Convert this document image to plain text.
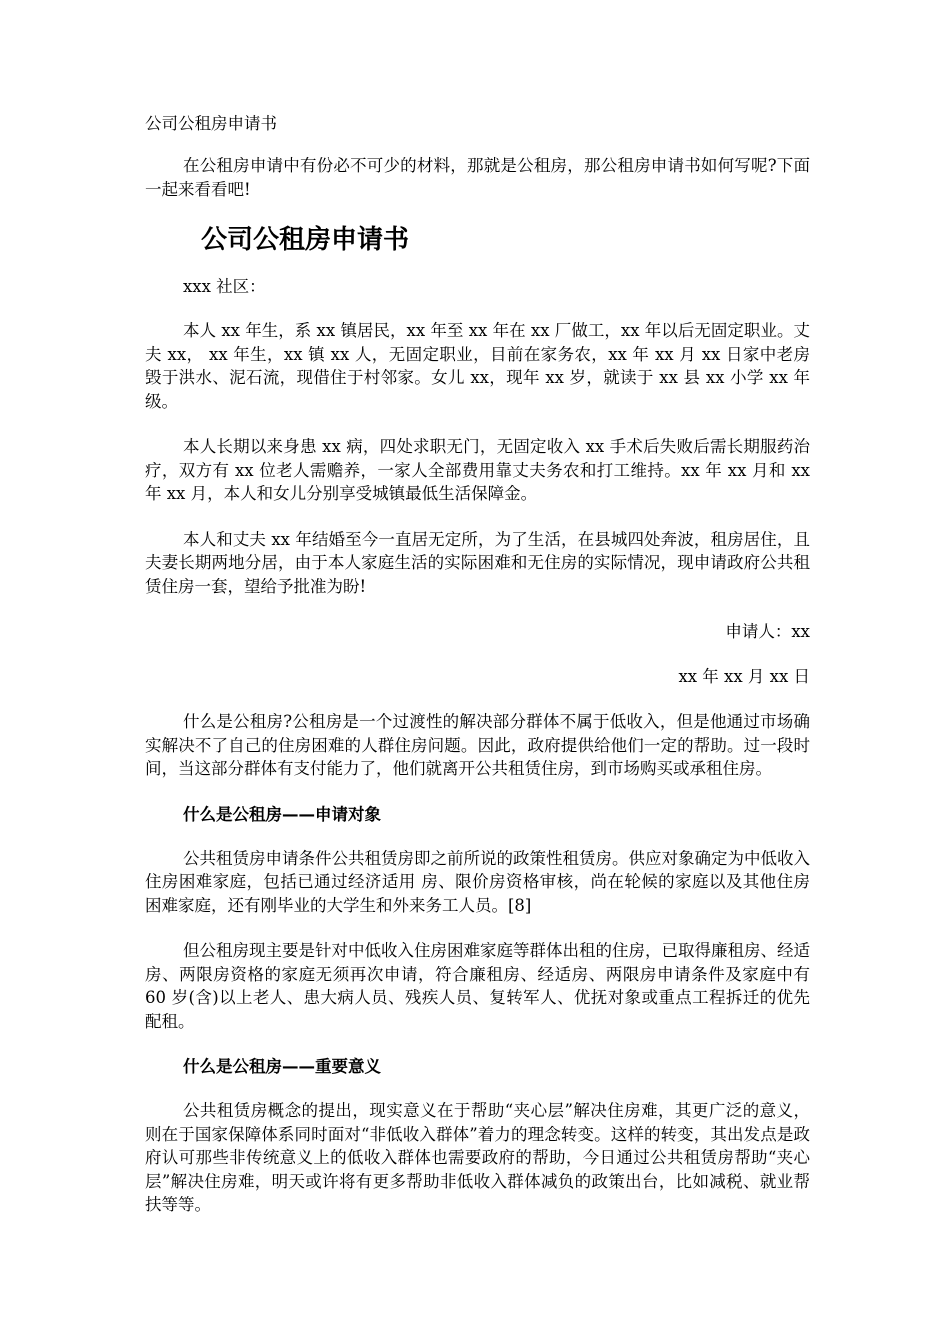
公司公租房申请书

在公租房申请中有份必不可少的材料，那就是公租房，那公租房申请书如何写呢?下面一起来看看吧!

公司公租房申请书
xxx 社区：

本人 xx 年生，系 xx 镇居民，xx 年至 xx 年在 xx 厂做工，xx 年以后无固定职业。丈夫 xx， xx 年生，xx 镇 xx 人，无固定职业，目前在家务农，xx 年 xx 月 xx 日家中老房毁于洪水、泥石流，现借住于村邻家。女儿 xx，现年 xx 岁，就读于 xx 县 xx 小学 xx 年级。

本人长期以来身患 xx 病，四处求职无门，无固定收入 xx 手术后失败后需长期服药治疗，双方有 xx 位老人需赡养，一家人全部费用靠丈夫务农和打工维持。xx 年 xx 月和 xx 年 xx 月，本人和女儿分别享受城镇最低生活保障金。

本人和丈夫 xx 年结婚至今一直居无定所，为了生活，在县城四处奔波，租房居住，且夫妻长期两地分居，由于本人家庭生活的实际困难和无住房的实际情况，现申请政府公共租赁住房一套，望给予批准为盼!

申请人：xx
xx 年 xx 月 xx 日

什么是公租房?公租房是一个过渡性的解决部分群体不属于低收入，但是他通过市场确实解决不了自己的住房困难的人群住房问题。因此，政府提供给他们一定的帮助。过一段时间，当这部分群体有支付能力了，他们就离开公共租赁住房，到市场购买或承租住房。

什么是公租房——申请对象

公共租赁房申请条件公共租赁房即之前所说的政策性租赁房。供应对象确定为中低收入住房困难家庭，包括已通过经济适用 房、限价房资格审核，尚在轮候的家庭以及其他住房困难家庭，还有刚毕业的大学生和外来务工人员。[8]

但公租房现主要是针对中低收入住房困难家庭等群体出租的住房，已取得廉租房、经适房、两限房资格的家庭无须再次申请，符合廉租房、经适房、两限房申请条件及家庭中有 60 岁(含)以上老人、患大病人员、残疾人员、复转军人、优抚对象或重点工程拆迁的优先配租。

什么是公租房——重要意义

公共租赁房概念的提出，现实意义在于帮助“夹心层”解决住房难，其更广泛的意义，则在于国家保障体系同时面对“非低收入群体”着力的理念转变。这样的转变，其出发点是政府认可那些非传统意义上的低收入群体也需要政府的帮助，今日通过公共租赁房帮助“夹心层”解决住房难，明天或许将有更多帮助非低收入群体减负的政策出台，比如减税、就业帮扶等等。
